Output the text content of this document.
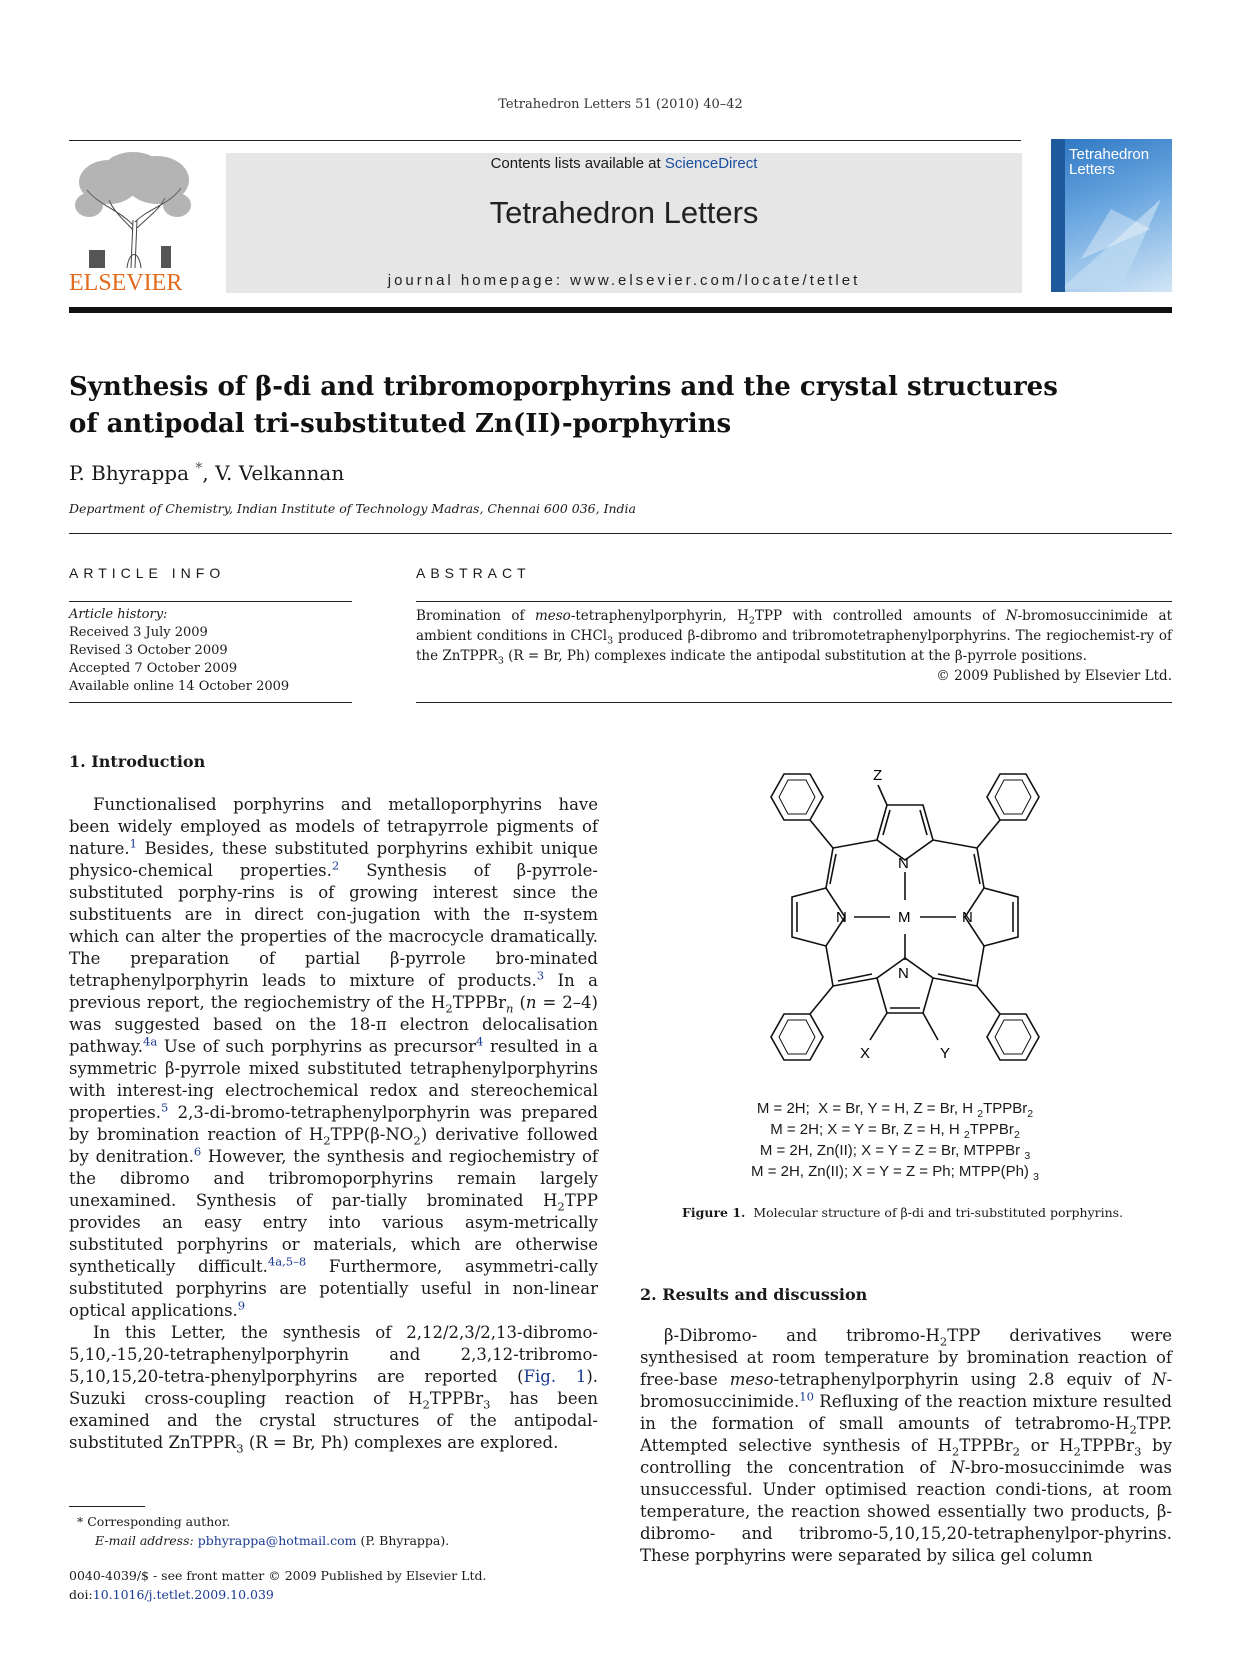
Tetrahedron Letters 51 (2010) 40–42
Contents lists available at ScienceDirect
Tetrahedron Letters
journal homepage: www.elsevier.com/locate/tetlet
ELSEVIER
Tetrahedron Letters
Synthesis of β-di and tribromoporphyrins and the crystal structures
of antipodal tri-substituted Zn(II)-porphyrins
P. Bhyrappa *, V. Velkannan
Department of Chemistry, Indian Institute of Technology Madras, Chennai 600 036, India
ARTICLE INFO
Article history:
Received 3 July 2009
Revised 3 October 2009
Accepted 7 October 2009
Available online 14 October 2009
ABSTRACT
Bromination of meso-tetraphenylporphyrin, $H_2TPP$ with controlled amounts of N-bromosuccinimide at ambient conditions in CHCl$_3$ produced β-dibromo and tribromotetraphenylporphyrins. The regiochemist-ry of the ZnTPPR$_3$ (R = Br, Ph) complexes indicate the antipodal substitution at the β-pyrrole positions.
© 2009 Published by Elsevier Ltd.
1. Introduction

Functionalised porphyrins and metalloporphyrins have been widely employed as models of tetrapyrrole pigments of nature.$^1$ Besides, these substituted porphyrins exhibit unique physico-chemical properties.$^2$ Synthesis of β-pyrrole-substituted porphy-rins is of growing interest since the substituents are in direct con-jugation with the π-system which can alter the properties of the macrocycle dramatically. The preparation of partial β-pyrrole bro-minated tetraphenylporphyrin leads to mixture of products.$^3$ In a previous report, the regiochemistry of the $H_2TPPBr_n$ (n = 2–4) was suggested based on the 18-π electron delocalisation pathway.$^{4a}$ Use of such porphyrins as precursor$^4$ resulted in a symmetric β-pyrrole mixed substituted tetraphenylporphyrins with interest-ing electrochemical redox and stereochemical properties.$^5$ 2,3-di-bromo-tetraphenylporphyrin was prepared by bromination reaction of $H_2TPP(\beta-NO_2)$ derivative followed by denitration.$^6$ However, the synthesis and regiochemistry of the dibromo and tribromoporphyrins remain largely unexamined. Synthesis of par-tially brominated $H_2TPP$ provides an easy entry into various asym-metrically substituted porphyrins or materials, which are otherwise synthetically difficult.$^{4a,5-8}$ Furthermore, asymmetri-cally substituted porphyrins are potentially useful in non-linear optical applications.$^9$

In this Letter, the synthesis of 2,12/2,3/2,13-dibromo-5,10,-15,20-tetraphenylporphyrin and 2,3,12-tribromo-5,10,15,20-tetra-phenylporphyrins are reported (Fig. 1). Suzuki cross-coupling reaction of $H_2TPPBr_3$ has been examined and the crystal structures of the antipodal-substituted ZnTPPR$_3$ (R = Br, Ph) complexes are explored.

* Corresponding author.
E-mail address: pbhyrappa@hotmail.com (P. Bhyrappa).
0040-4039/$ - see front matter © 2009 Published by Elsevier Ltd.
doi:10.1016/j.tetlet.2009.10.039
N
N
N	N
M
Z
X	Y
M = 2H;  X = Br, Y = H, Z = Br, H $_2$TPPBr$_2$
M = 2H; X = Y = Br, Z = H, H $_2$TPPBr$_2$
M = 2H, Zn(II); X = Y = Z = Br, MTPPBr $_3$
M = 2H, Zn(II); X = Y = Z = Ph; MTPP(Ph) $_3$
Figure 1. Molecular structure of β-di and tri-substituted porphyrins.
2. Results and discussion

β-Dibromo- and tribromo-$H_2TPP$ derivatives were synthesised at room temperature by bromination reaction of free-base meso-tetraphenylporphyrin using 2.8 equiv of N-bromosuccinimide.$^{10}$ Refluxing of the reaction mixture resulted in the formation of small amounts of tetrabromo-$H_2TPP$. Attempted selective synthesis of $H_2TPPBr_2$ or $H_2TPPBr_3$ by controlling the concentration of N-bro-mosuccinimde was unsuccessful. Under optimised reaction condi-tions, at room temperature, the reaction showed essentially two products, β-dibromo- and tribromo-5,10,15,20-tetraphenylpor-phyrins. These porphyrins were separated by silica gel column
